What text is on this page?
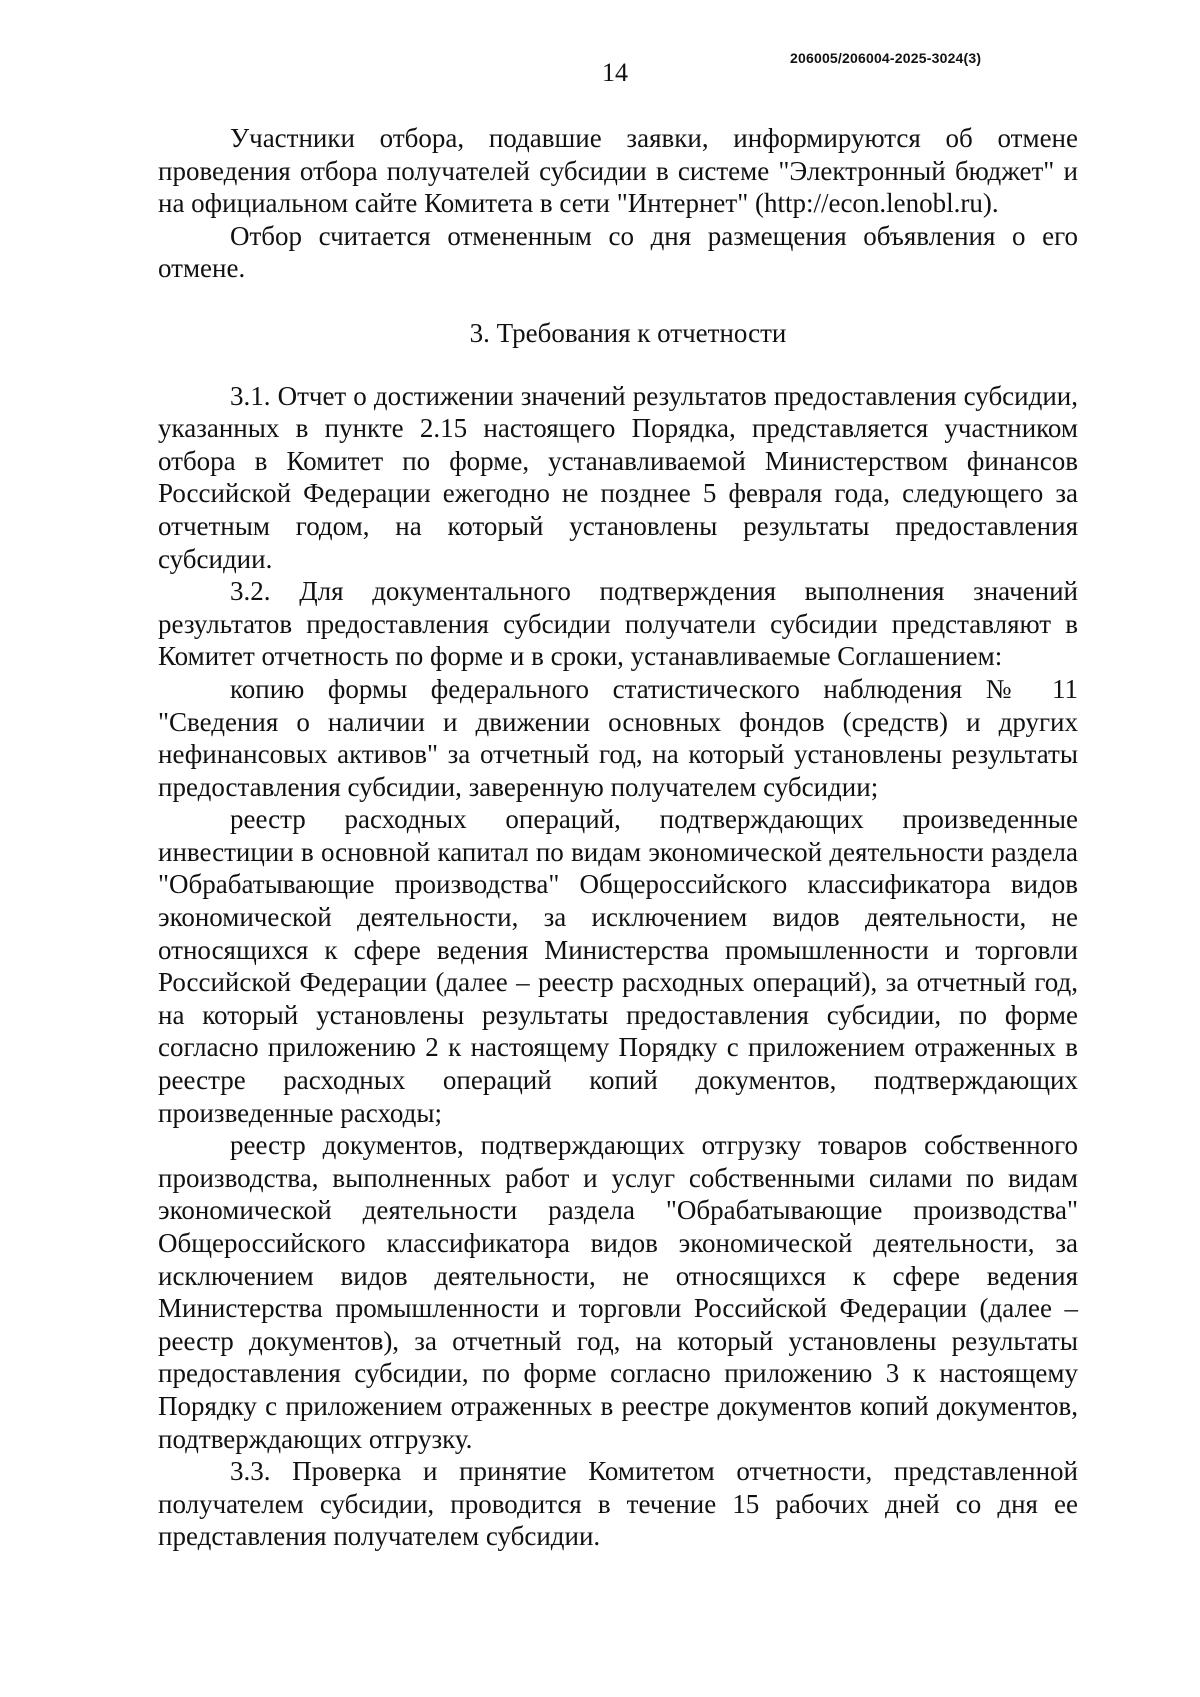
14	206005/206004-2025-3024(3)

Участники отбора, подавшие заявки, информируются об отмене проведения отбора получателей субсидии в системе "Электронный бюджет" и на официальном сайте Комитета в сети "Интернет" (http://econ.lenobl.ru).

Отбор считается отмененным со дня размещения объявления о его отмене.

3. Требования к отчетности

3.1. Отчет о достижении значений результатов предоставления субсидии, указанных в пункте 2.15 настоящего Порядка, представляется участником отбора в Комитет по форме, устанавливаемой Министерством финансов Российской Федерации ежегодно не позднее 5 февраля года, следующего за отчетным годом, на который установлены результаты предоставления субсидии.

3.2. Для документального подтверждения выполнения значений результатов предоставления субсидии получатели субсидии представляют в Комитет отчетность по форме и в сроки, устанавливаемые Соглашением:

копию формы федерального статистического наблюдения № 11 "Сведения о наличии и движении основных фондов (средств) и других нефинансовых активов" за отчетный год, на который установлены результаты предоставления субсидии, заверенную получателем субсидии;

реестр расходных операций, подтверждающих произведенные инвестиции в основной капитал по видам экономической деятельности раздела "Обрабатывающие производства" Общероссийского классификатора видов экономической деятельности, за исключением видов деятельности, не относящихся к сфере ведения Министерства промышленности и торговли Российской Федерации (далее – реестр расходных операций), за отчетный год, на который установлены результаты предоставления субсидии, по форме согласно приложению 2 к настоящему Порядку с приложением отраженных в реестре расходных операций копий документов, подтверждающих произведенные расходы;

реестр документов, подтверждающих отгрузку товаров собственного производства, выполненных работ и услуг собственными силами по видам экономической деятельности раздела "Обрабатывающие производства" Общероссийского классификатора видов экономической деятельности, за исключением видов деятельности, не относящихся к сфере ведения Министерства промышленности и торговли Российской Федерации (далее – реестр документов), за отчетный год, на который установлены результаты предоставления субсидии, по форме согласно приложению 3 к настоящему Порядку с приложением отраженных в реестре документов копий документов, подтверждающих отгрузку.

3.3. Проверка и принятие Комитетом отчетности, представленной получателем субсидии, проводится в течение 15 рабочих дней со дня ее представления получателем субсидии.
